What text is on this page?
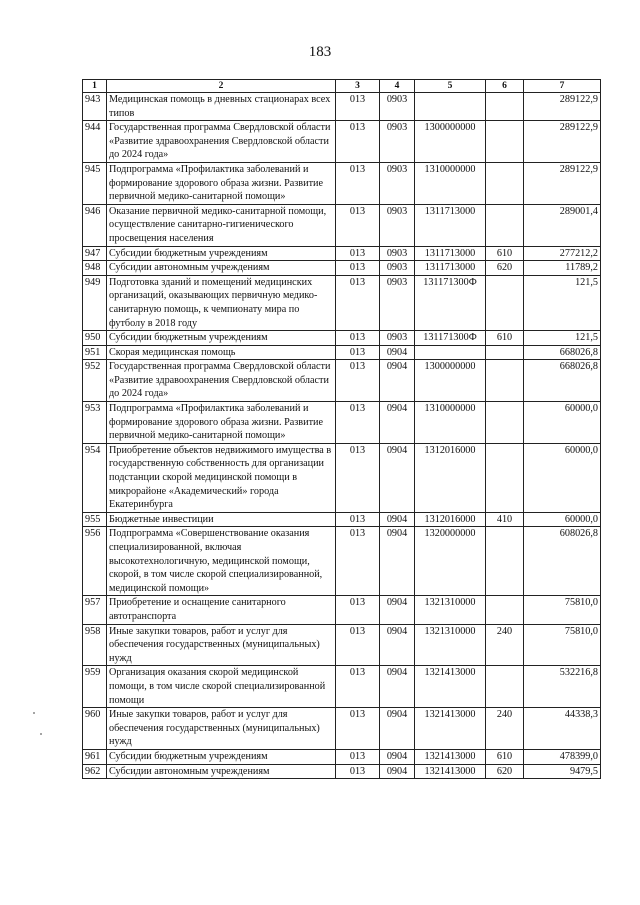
183
1	2	3	4	5	6	7
943	Медицинская помощь в дневных стационарах всех типов	013	0903			289122,9
944	Государственная программа Свердловской области «Развитие здравоохранения Свердловской области до 2024 года»	013	0903	1300000000		289122,9
945	Подпрограмма «Профилактика заболеваний и формирование здорового образа жизни. Развитие первичной медико-санитарной помощи»	013	0903	1310000000		289122,9
946	Оказание первичной медико-санитарной помощи, осуществление санитарно-гигиенического просвещения населения	013	0903	1311713000		289001,4
947	Субсидии бюджетным учреждениям	013	0903	1311713000	610	277212,2
948	Субсидии автономным учреждениям	013	0903	1311713000	620	11789,2
949	Подготовка зданий и помещений медицинских организаций, оказывающих первичную медико-санитарную помощь, к чемпионату мира по футболу в 2018 году	013	0903	131171300Ф		121,5
950	Субсидии бюджетным учреждениям	013	0903	131171300Ф	610	121,5
951	Скорая медицинская помощь	013	0904			668026,8
952	Государственная программа Свердловской области «Развитие здравоохранения Свердловской области до 2024 года»	013	0904	1300000000		668026,8
953	Подпрограмма «Профилактика заболеваний и формирование здорового образа жизни. Развитие первичной медико-санитарной помощи»	013	0904	1310000000		60000,0
954	Приобретение объектов недвижимого имущества в государственную собственность для организации подстанции скорой медицинской помощи в микрорайоне «Академический» города Екатеринбурга	013	0904	1312016000		60000,0
955	Бюджетные инвестиции	013	0904	1312016000	410	60000,0
956	Подпрограмма «Совершенствование оказания специализированной, включая высокотехнологичную, медицинской помощи, скорой, в том числе скорой специализированной, медицинской помощи»	013	0904	1320000000		608026,8
957	Приобретение и оснащение санитарного автотранспорта	013	0904	1321310000		75810,0
958	Иные закупки товаров, работ и услуг для обеспечения государственных (муниципальных) нужд	013	0904	1321310000	240	75810,0
959	Организация оказания скорой медицинской помощи, в том числе скорой специализированной помощи	013	0904	1321413000		532216,8
960	Иные закупки товаров, работ и услуг для обеспечения государственных (муниципальных) нужд	013	0904	1321413000	240	44338,3
961	Субсидии бюджетным учреждениям	013	0904	1321413000	610	478399,0
962	Субсидии автономным учреждениям	013	0904	1321413000	620	9479,5
